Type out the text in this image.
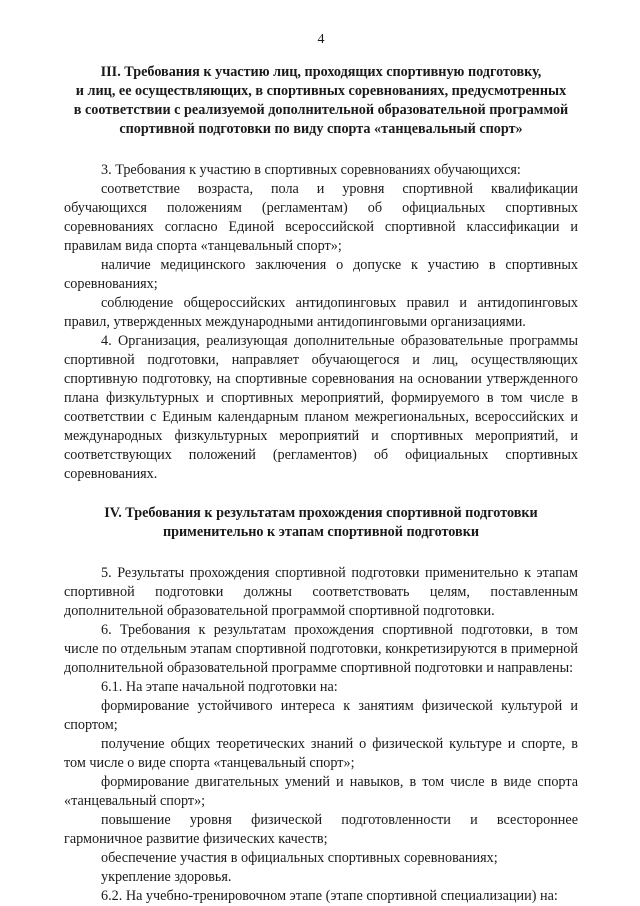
4
III. Требования к участию лиц, проходящих спортивную подготовку,
и лиц, ее осуществляющих, в спортивных соревнованиях, предусмотренных
в соответствии с реализуемой дополнительной образовательной программой
спортивной подготовки по виду спорта «танцевальный спорт»

3. Требования к участию в спортивных соревнованиях обучающихся:

соответствие возраста, пола и уровня спортивной квалификации обучающихся положениям (регламентам) об официальных спортивных соревнованиях согласно Единой всероссийской спортивной классификации и правилам вида спорта «танцевальный спорт»;

наличие медицинского заключения о допуске к участию в спортивных соревнованиях;

соблюдение общероссийских антидопинговых правил и антидопинговых правил, утвержденных международными антидопинговыми организациями.

4. Организация, реализующая дополнительные образовательные программы спортивной подготовки, направляет обучающегося и лиц, осуществляющих спортивную подготовку, на спортивные соревнования на основании утвержденного плана физкультурных и спортивных мероприятий, формируемого в том числе в соответствии с Единым календарным планом межрегиональных, всероссийских и международных физкультурных мероприятий и спортивных мероприятий, и соответствующих положений (регламентов) об официальных спортивных соревнованиях.

IV. Требования к результатам прохождения спортивной подготовки
применительно к этапам спортивной подготовки

5. Результаты прохождения спортивной подготовки применительно к этапам спортивной подготовки должны соответствовать целям, поставленным дополнительной образовательной программой спортивной подготовки.

6. Требования к результатам прохождения спортивной подготовки, в том числе по отдельным этапам спортивной подготовки, конкретизируются в примерной дополнительной образовательной программе спортивной подготовки и направлены:

6.1. На этапе начальной подготовки на:

формирование устойчивого интереса к занятиям физической культурой и спортом;

получение общих теоретических знаний о физической культуре и спорте, в том числе о виде спорта «танцевальный спорт»;

формирование двигательных умений и навыков, в том числе в виде спорта «танцевальный спорт»;

повышение уровня физической подготовленности и всестороннее гармоничное развитие физических качеств;

обеспечение участия в официальных спортивных соревнованиях;

укрепление здоровья.

6.2. На учебно-тренировочном этапе (этапе спортивной специализации) на:
